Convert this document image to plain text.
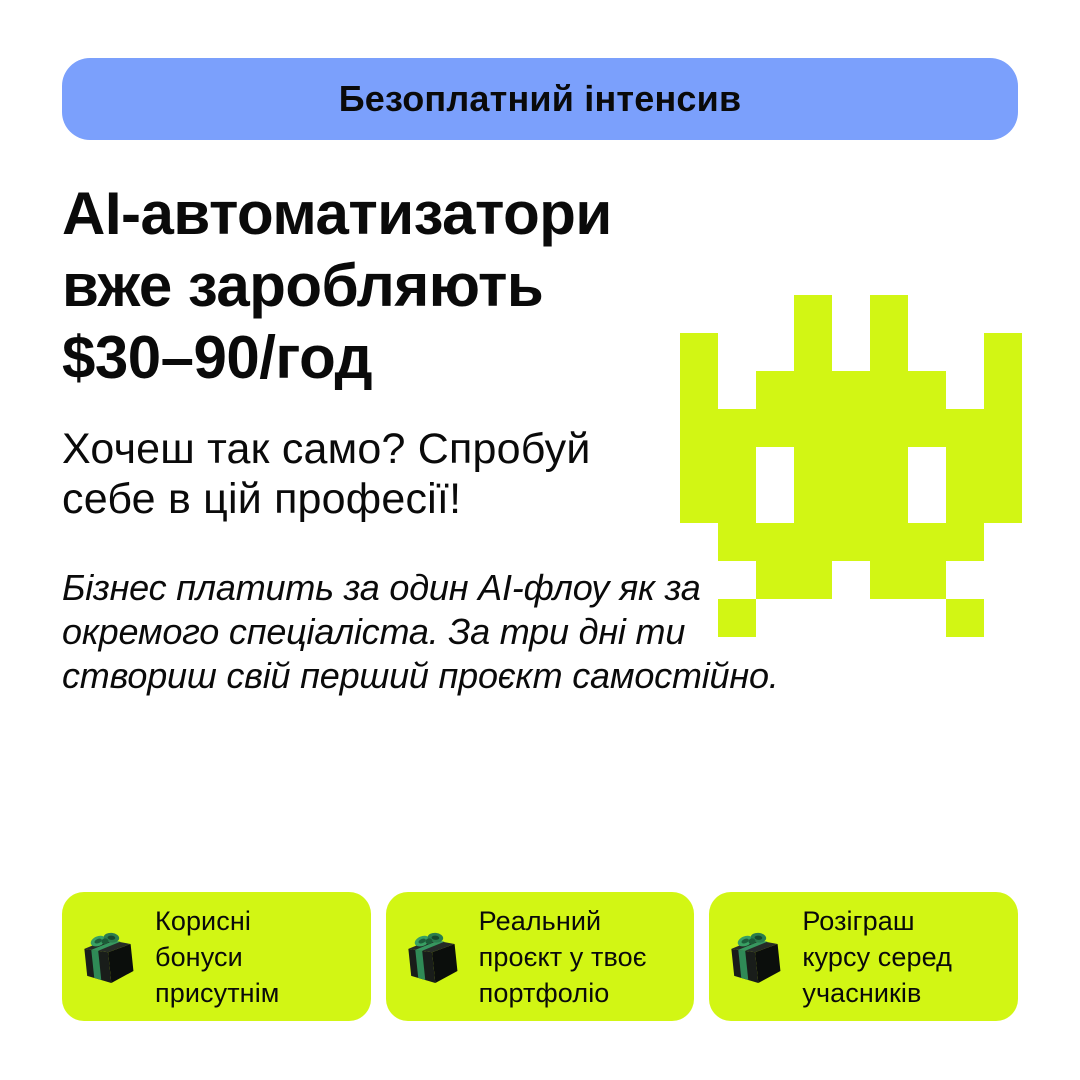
Безоплатний інтенсив
AI-автоматизатори
вже заробляють
$30–90/год
Хочеш так само? Спробуй
себе в цій професії!
Бізнес платить за один AI-флоу як за
окремого спеціаліста. За три дні ти
створиш свій перший проєкт самостійно.
Корисні
бонуси
присутнім
Реальний
проєкт у твоє
портфоліо
Розіграш
курсу серед
учасників
